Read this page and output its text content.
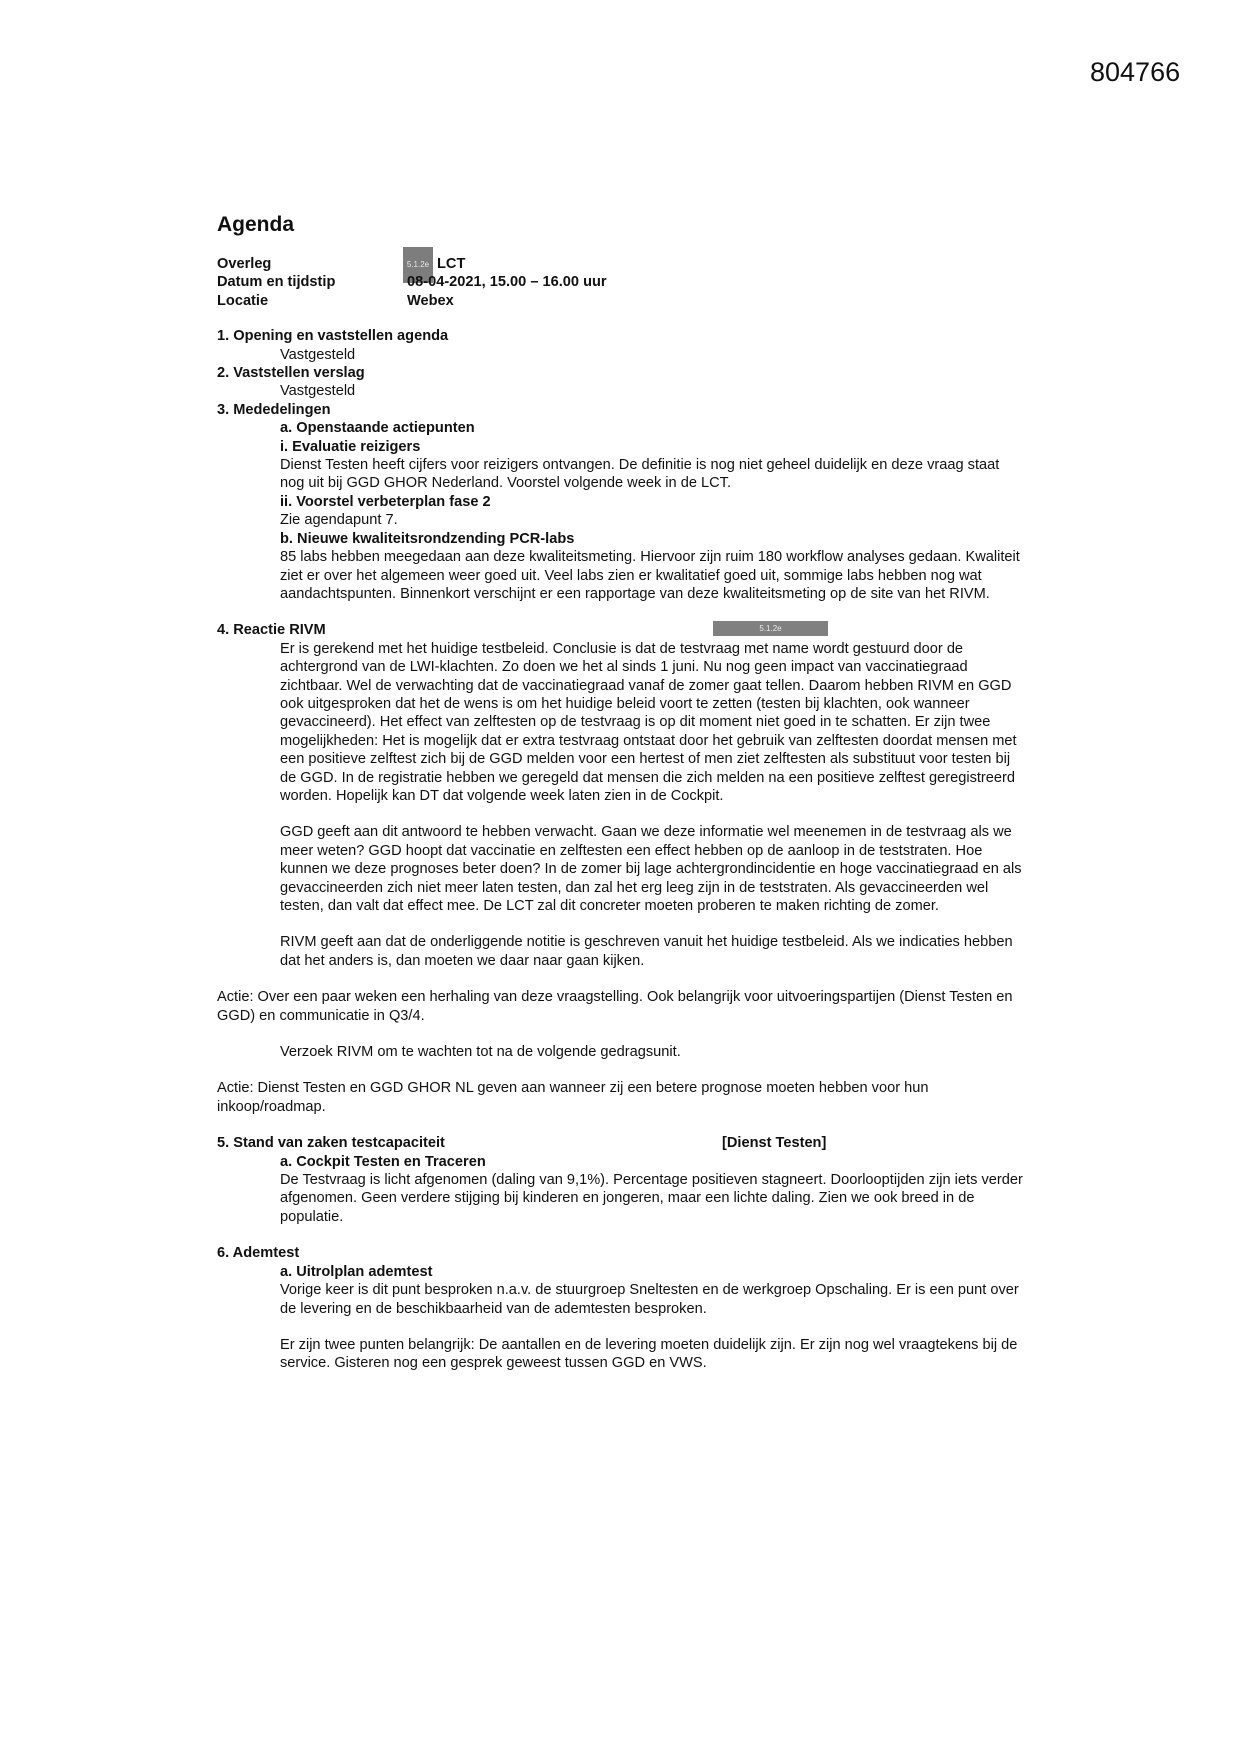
804766
Agenda
Overleg	5.1.2e LCT
Datum en tijdstip	08-04-2021, 15.00 – 16.00 uur
Locatie	Webex
1. Opening en vaststellen agenda
Vastgesteld
2. Vaststellen verslag
Vastgesteld
3. Mededelingen
a. Openstaande actiepunten
i. Evaluatie reizigers

Dienst Testen heeft cijfers voor reizigers ontvangen. De definitie is nog niet geheel duidelijk en deze vraag staat nog uit bij GGD GHOR Nederland. Voorstel volgende week in de LCT.

ii. Voorstel verbeterplan fase 2

Zie agendapunt 7.

b. Nieuwe kwaliteitsrondzending PCR-labs

85 labs hebben meegedaan aan deze kwaliteitsmeting. Hiervoor zijn ruim 180 workflow analyses gedaan. Kwaliteit ziet er over het algemeen weer goed uit. Veel labs zien er kwalitatief goed uit, sommige labs hebben nog wat aandachtspunten. Binnenkort verschijnt er een rapportage van deze kwaliteitsmeting op de site van het RIVM.

4. Reactie RIVM	5.1.2e

Er is gerekend met het huidige testbeleid. Conclusie is dat de testvraag met name wordt gestuurd door de achtergrond van de LWI-klachten. Zo doen we het al sinds 1 juni. Nu nog geen impact van vaccinatiegraad zichtbaar. Wel de verwachting dat de vaccinatiegraad vanaf de zomer gaat tellen. Daarom hebben RIVM en GGD ook uitgesproken dat het de wens is om het huidige beleid voort te zetten (testen bij klachten, ook wanneer gevaccineerd). Het effect van zelftesten op de testvraag is op dit moment niet goed in te schatten. Er zijn twee mogelijkheden: Het is mogelijk dat er extra testvraag ontstaat door het gebruik van zelftesten doordat mensen met een positieve zelftest zich bij de GGD melden voor een hertest of men ziet zelftesten als substituut voor testen bij de GGD. In de registratie hebben we geregeld dat mensen die zich melden na een positieve zelftest geregistreerd worden. Hopelijk kan DT dat volgende week laten zien in de Cockpit.

GGD geeft aan dit antwoord te hebben verwacht. Gaan we deze informatie wel meenemen in de testvraag als we meer weten? GGD hoopt dat vaccinatie en zelftesten een effect hebben op de aanloop in de teststraten. Hoe kunnen we deze prognoses beter doen? In de zomer bij lage achtergrondincidentie en hoge vaccinatiegraad en als gevaccineerden zich niet meer laten testen, dan zal het erg leeg zijn in de teststraten. Als gevaccineerden wel testen, dan valt dat effect mee. De LCT zal dit concreter moeten proberen te maken richting de zomer.

RIVM geeft aan dat de onderliggende notitie is geschreven vanuit het huidige testbeleid. Als we indicaties hebben dat het anders is, dan moeten we daar naar gaan kijken.

Actie: Over een paar weken een herhaling van deze vraagstelling. Ook belangrijk voor uitvoeringspartijen (Dienst Testen en GGD) en communicatie in Q3/4.

Verzoek RIVM om te wachten tot na de volgende gedragsunit.

Actie: Dienst Testen en GGD GHOR NL geven aan wanneer zij een betere prognose moeten hebben voor hun inkoop/roadmap.

5. Stand van zaken testcapaciteit	[Dienst Testen]
a. Cockpit Testen en Traceren

De Testvraag is licht afgenomen (daling van 9,1%). Percentage positieven stagneert. Doorlooptijden zijn iets verder afgenomen. Geen verdere stijging bij kinderen en jongeren, maar een lichte daling. Zien we ook breed in de populatie.

6. Ademtest
a. Uitrolplan ademtest

Vorige keer is dit punt besproken n.a.v. de stuurgroep Sneltesten en de werkgroep Opschaling. Er is een punt over de levering en de beschikbaarheid van de ademtesten besproken.

Er zijn twee punten belangrijk: De aantallen en de levering moeten duidelijk zijn. Er zijn nog wel vraagtekens bij de service. Gisteren nog een gesprek geweest tussen GGD en VWS.
